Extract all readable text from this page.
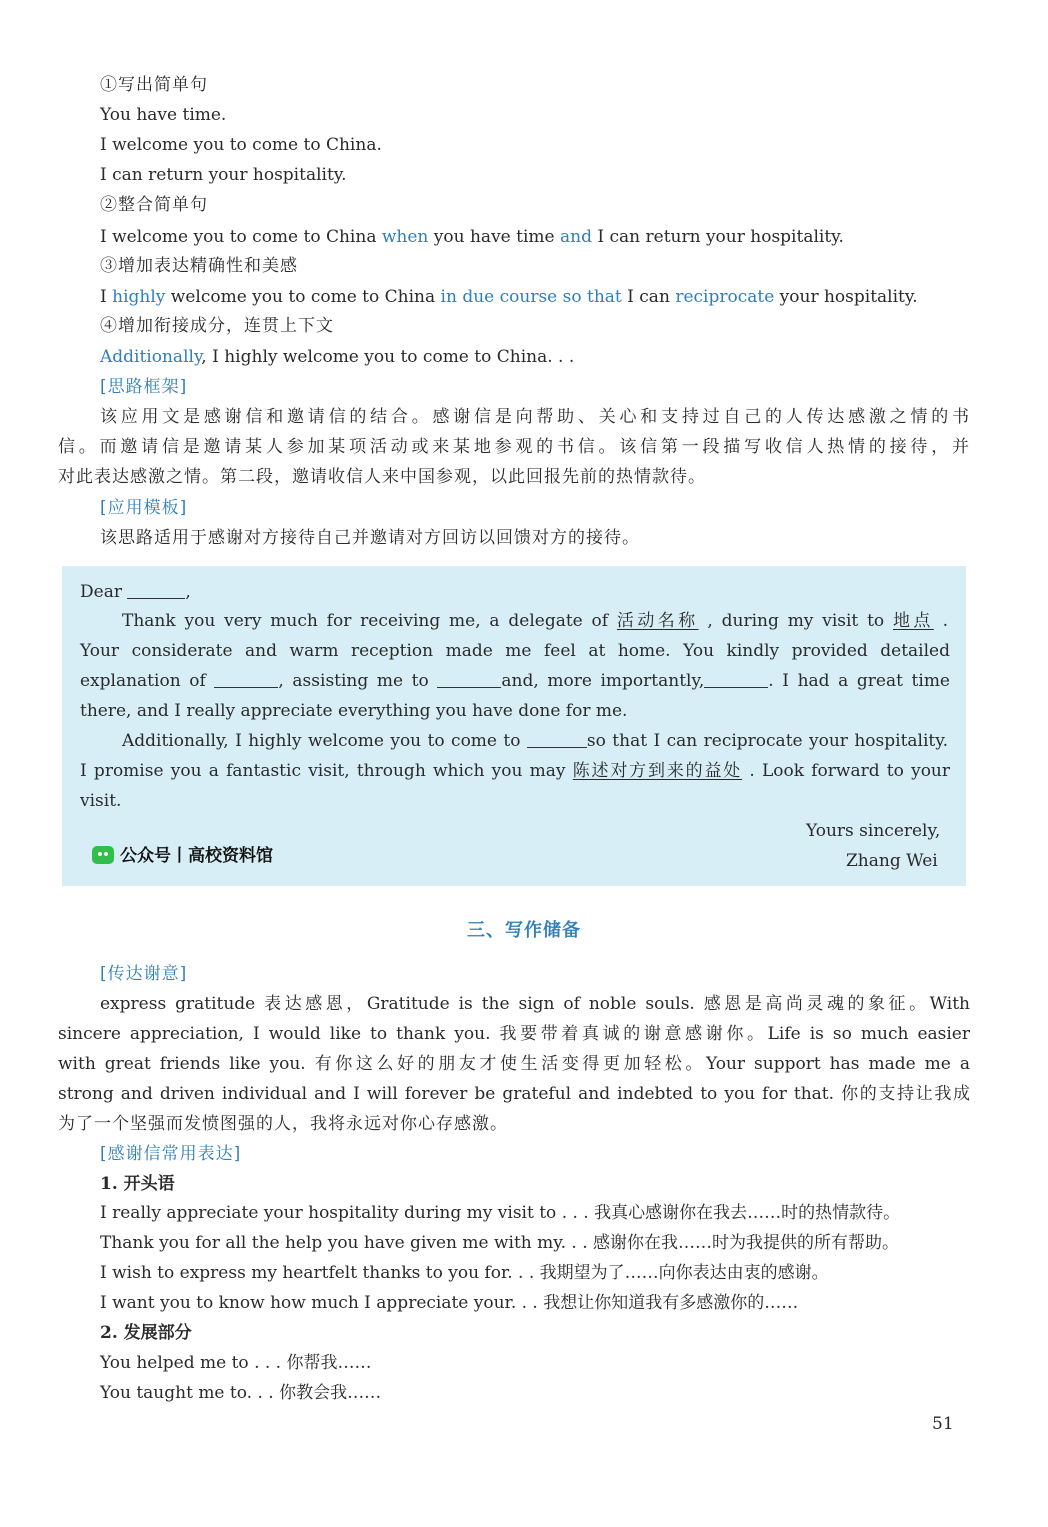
①写出简单句
You have time.
I welcome you to come to China.
I can return your hospitality.
②整合简单句
I welcome you to come to China when you have time and I can return your hospitality.
③增加表达精确性和美感
I highly welcome you to come to China in due course so that I can reciprocate your hospitality.
④增加衔接成分，连贯上下文
Additionally, I highly welcome you to come to China. . .
[思路框架]
该应用文是感谢信和邀请信的结合。感谢信是向帮助、关心和支持过自己的人传达感激之情的书
信。而邀请信是邀请某人参加某项活动或来某地参观的书信。该信第一段描写收信人热情的接待，并
对此表达感激之情。第二段，邀请收信人来中国参观，以此回报先前的热情款待。
[应用模板]
该思路适用于感谢对方接待自己并邀请对方回访以回馈对方的接待。
Dear	,
Thank you very much for receiving me, a delegate of 活动名称 , during my visit to 地点 .
Your considerate and warm reception made me feel at home. You kindly provided detailed
explanation of	, assisting me to	and, more importantly,	. I had a great time
there, and I really appreciate everything you have done for me.
Additionally, I highly welcome you to come to	so that I can reciprocate your hospitality.
I promise you a fantastic visit, through which you may 陈述对方到来的益处 . Look forward to your
visit.
Yours sincerely,
Zhang Wei
公众号丨高校资料馆
三、写作储备
[传达谢意]
express gratitude 表达感恩，Gratitude is the sign of noble souls. 感恩是高尚灵魂的象征。With
sincere appreciation, I would like to thank you. 我要带着真诚的谢意感谢你。Life is so much easier
with great friends like you. 有你这么好的朋友才使生活变得更加轻松。Your support has made me a
strong and driven individual and I will forever be grateful and indebted to you for that. 你的支持让我成
为了一个坚强而发愤图强的人，我将永远对你心存感激。
[感谢信常用表达]
1. 开头语
I really appreciate your hospitality during my visit to . . . 我真心感谢你在我去……时的热情款待。
Thank you for all the help you have given me with my. . . 感谢你在我……时为我提供的所有帮助。
I wish to express my heartfelt thanks to you for. . . 我期望为了……向你表达由衷的感谢。
I want you to know how much I appreciate your. . . 我想让你知道我有多感激你的……
2. 发展部分
You helped me to . . . 你帮我……
You taught me to. . . 你教会我……
51
